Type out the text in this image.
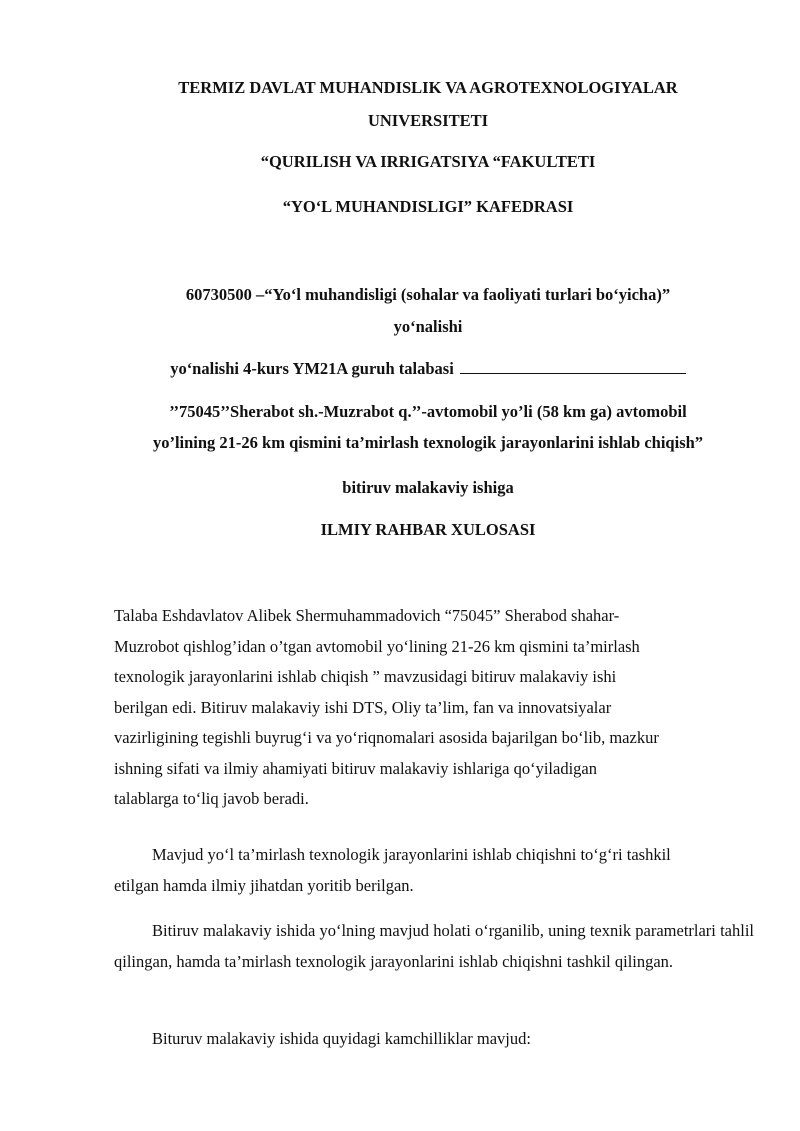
TERMIZ DAVLAT MUHANDISLIK VA AGROTEXNOLOGIYALAR
UNIVERSITETI
“QURILISH VA IRRIGATSIYA “FAKULTETI
“YO‘L MUHANDISLIGI” KAFEDRASI
60730500 –“Yo‘l muhandisligi (sohalar va faoliyati turlari bo‘yicha)”
yo‘nalishi
yo‘nalishi 4-kurs YM21A guruh talabasi
’’75045’’Sherabot sh.-Muzrabot q.’’-avtomobil yo’li (58 km ga) avtomobil
yo’lining 21-26 km qismini ta’mirlash texnologik jarayonlarini ishlab chiqish”
bitiruv malakaviy ishiga
ILMIY RAHBAR XULOSASI
Talaba Eshdavlatov Alibek Shermuhammadovich “75045” Sherabod shahar-
Muzrobot qishlog’idan o’tgan avtomobil yo‘lining 21-26 km qismini ta’mirlash
texnologik jarayonlarini ishlab chiqish ” mavzusidagi bitiruv malakaviy ishi
berilgan edi. Bitiruv malakaviy ishi DTS, Oliy ta’lim, fan va innovatsiyalar
vazirligining tegishli buyrug‘i va yo‘riqnomalari asosida bajarilgan bo‘lib, mazkur
ishning sifati va ilmiy ahamiyati bitiruv malakaviy ishlariga qo‘yiladigan
talablarga to‘liq javob beradi.
Mavjud yo‘l ta’mirlash texnologik jarayonlarini ishlab chiqishni to‘g‘ri tashkil
etilgan hamda ilmiy jihatdan yoritib berilgan.
Bitiruv malakaviy ishida yo‘lning mavjud holati o‘rganilib, uning texnik parametrlari tahlil qilingan, hamda ta’mirlash texnologik jarayonlarini ishlab chiqishni tashkil qilingan.
Bituruv malakaviy ishida quyidagi kamchilliklar mavjud:
